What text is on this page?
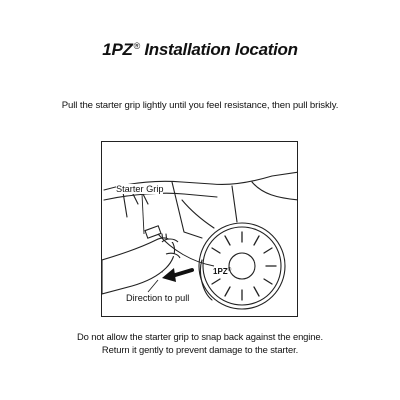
1PZ® Installation location
Pull the starter grip lightly until you feel resistance, then pull briskly.
Starter Grip
Direction to pull
1PZ®
Do not allow the starter grip to snap back against the engine.
Return it gently to prevent damage to the starter.
